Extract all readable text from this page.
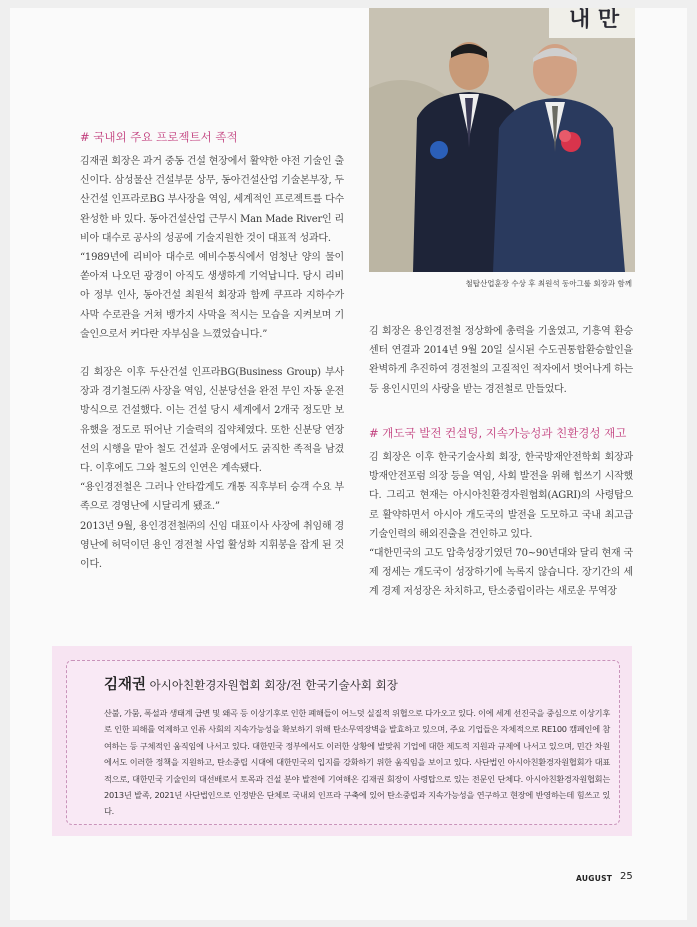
내 만
철탑산업훈장 수상 후 최원석 동아그룹 회장과 함께
# 국내외 주요 프로젝트서 족적

김재권 회장은 과거 중동 건설 현장에서 활약한 야전 기술인 출신이다. 삼성물산 건설부문 상무, 동아건설산업 기술본부장, 두산건설 인프라로BG 부사장을 역임, 세계적인 프로젝트를 다수 완성한 바 있다. 동아건설산업 근무시 Man Made River인 리비아 대수로 공사의 성공에 기술지원한 것이 대표적 성과다.

“1989년에 리비아 대수로 예비수통식에서 엄청난 양의 물이 쏟아져 나오던 광경이 아직도 생생하게 기억납니다. 당시 리비아 정부 인사, 동아건설 최원석 회장과 함께 쿠프라 지하수가 사막 수로관을 거쳐 뱅가지 사막을 적시는 모습을 지켜보며 기술인으로서 커다란 자부심을 느꼈었습니다.”

김 회장은 이후 두산건설 인프라BG(Business Group) 부사장과 경기철도㈜ 사장을 역임, 신분당선을 완전 무인 자동 운전방식으로 건설했다. 이는 건설 당시 세계에서 2개국 정도만 보유했을 정도로 뛰어난 기술력의 집약체였다. 또한 신분당 연장선의 시행을 맡아 철도 건설과 운영에서도 굵직한 족적을 남겼다. 이후에도 그와 철도의 인연은 계속됐다.

“용인경전철은 그러나 안타깝게도 개통 직후부터 승객 수요 부족으로 경영난에 시달리게 됐죠.”

2013년 9월, 용인경전철㈜의 신임 대표이사 사장에 취임해 경영난에 허덕이던 용인 경전철 사업 활성화 지휘봉을 잡게 된 것이다.

김 회장은 용인경전철 정상화에 총력을 기울였고, 기흥역 환승센터 연결과 2014년 9월 20일 실시된 수도권통합환승할인을 완벽하게 추진하여 경전철의 고질적인 적자에서 벗어나게 하는 등 용인시민의 사랑을 받는 경전철로 만들었다.

# 개도국 발전 컨설팅, 지속가능성과 친환경성 재고

김 회장은 이후 한국기술사회 회장, 한국방재안전학회 회장과 방재안전포럼 의장 등을 역임, 사회 발전을 위해 힘쓰기 시작했다. 그리고 현재는 아시아친환경자원협회(AGRI)의 사령탑으로 활약하면서 아시아 개도국의 발전을 도모하고 국내 최고급 기술인력의 해외진출을 견인하고 있다.

“대한민국의 고도 압축성장기였던 70~90년대와 달리 현재 국제 정세는 개도국이 성장하기에 녹록지 않습니다. 장기간의 세계 경제 저성장은 차치하고, 탄소중립이라는 새로운 무역장

김재권 아시아친환경자원협회 회장/전 한국기술사회 회장
산불, 가뭄, 폭설과 생태계 급변 및 왜곡 등 이상기후로 인한 폐해들이 어느덧 실질적 위협으로 다가오고 있다. 이에 세계 선진국을 중심으로 이상기후로 인한 피해를 억제하고 인류 사회의 지속가능성을 확보하기 위해 탄소무역장벽을 발효하고 있으며, 주요 기업들은 자체적으로 RE100 캠페인에 참여하는 등 구체적인 움직임에 나서고 있다. 대한민국 정부에서도 이러한 상황에 발맞춰 기업에 대한 제도적 지원과 규제에 나서고 있으며, 민간 차원에서도 이러한 정책을 지원하고, 탄소중립 시대에 대한민국의 입지를 강화하기 위한 움직임을 보이고 있다. 사단법인 아시아친환경자원협회가 대표적으로, 대한민국 기술인의 대선배로서 토목과 건설 분야 발전에 기여해온 김재권 회장이 사령탑으로 있는 전문인 단체다. 아시아친환경자원협회는 2013년 발족, 2021년 사단법인으로 인정받은 단체로 국내외 인프라 구축에 있어 탄소중립과 지속가능성을 연구하고 현장에 반영하는데 힘쓰고 있다.
AUGUST 25
